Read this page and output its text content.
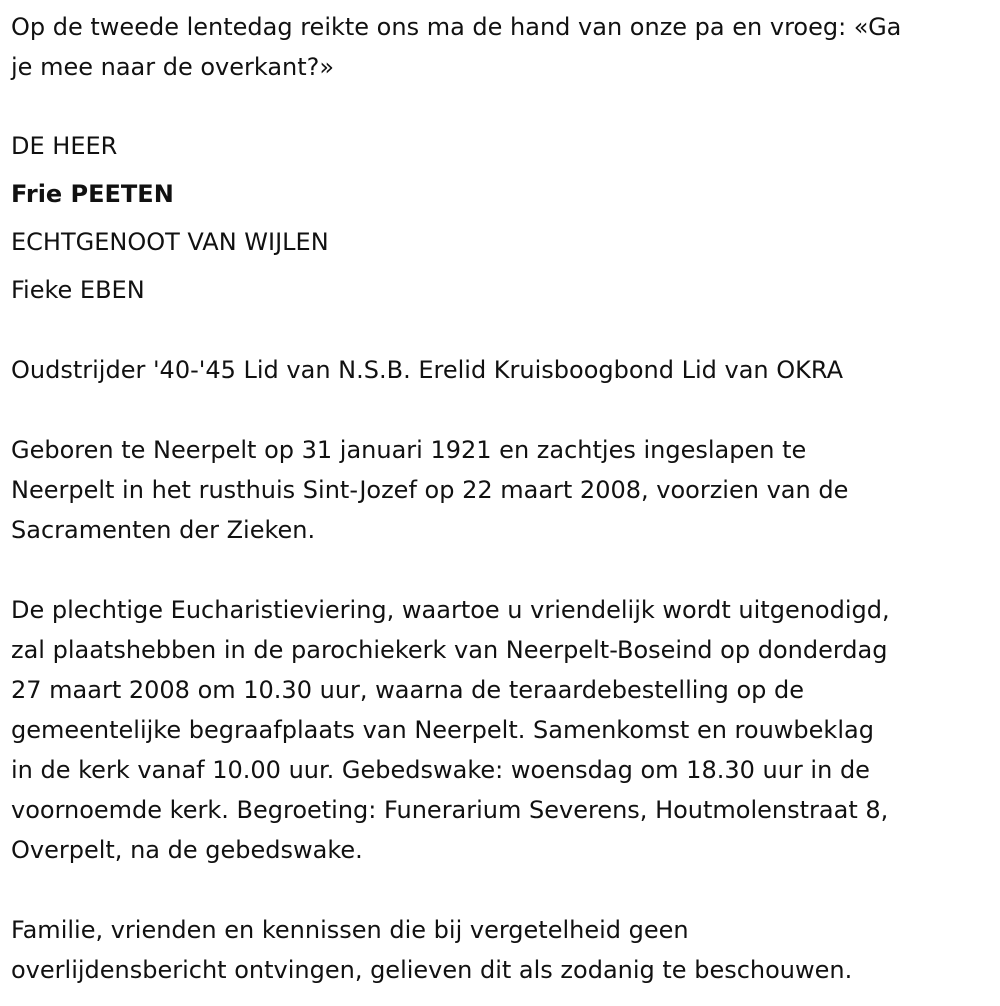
Op de tweede lentedag reikte ons ma de hand van onze pa en vroeg: «Ga
je mee naar de overkant?»
DE HEER
Frie PEETEN
ECHTGENOOT VAN WIJLEN
Fieke EBEN
Oudstrijder '40-'45 Lid van N.S.B. Erelid Kruisboogbond Lid van OKRA
Geboren te Neerpelt op 31 januari 1921 en zachtjes ingeslapen te
Neerpelt in het rusthuis Sint-Jozef op 22 maart 2008, voorzien van de
Sacramenten der Zieken.
De plechtige Eucharistieviering, waartoe u vriendelijk wordt uitgenodigd,
zal plaatshebben in de parochiekerk van Neerpelt-Boseind op donderdag
27 maart 2008 om 10.30 uur, waarna de teraardebestelling op de
gemeentelijke begraafplaats van Neerpelt. Samenkomst en rouwbeklag
in de kerk vanaf 10.00 uur. Gebedswake: woensdag om 18.30 uur in de
voornoemde kerk. Begroeting: Funerarium Severens, Houtmolenstraat 8,
Overpelt, na de gebedswake.
Familie, vrienden en kennissen die bij vergetelheid geen
overlijdensbericht ontvingen, gelieven dit als zodanig te beschouwen.
